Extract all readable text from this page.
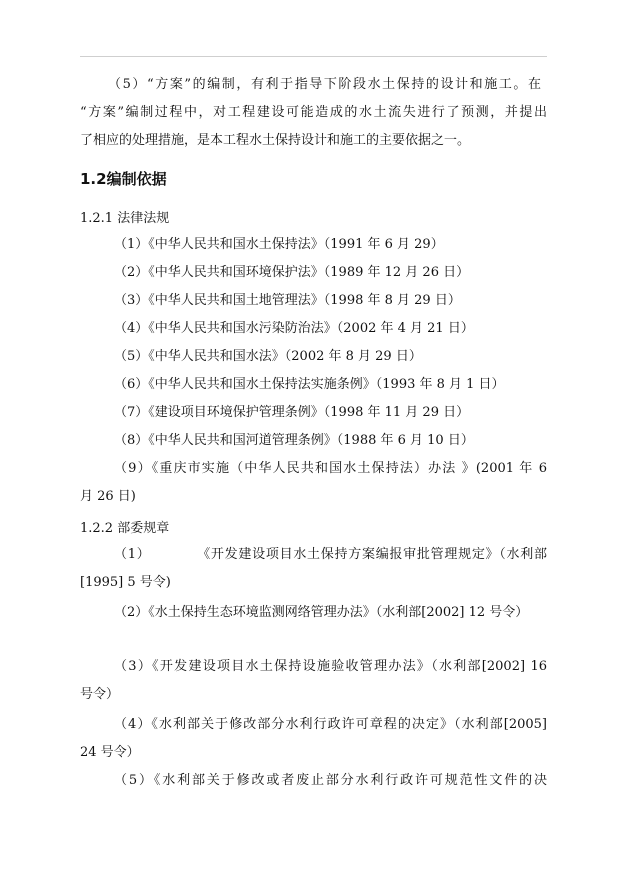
（5）“方案”的编制，有利于指导下阶段水土保持的设计和施工。在
“方案”编制过程中，对工程建设可能造成的水土流失进行了预测，并提出
了相应的处理措施，是本工程水土保持设计和施工的主要依据之一。
1.2编制依据
1.2.1 法律法规
（1）《中华人民共和国水土保持法》（1991 年 6 月 29）
（2）《中华人民共和国环境保护法》（1989 年 12 月 26 日）
（3）《中华人民共和国土地管理法》（1998 年 8 月 29 日）
（4）《中华人民共和国水污染防治法》（2002 年 4 月 21 日）
（5）《中华人民共和国水法》（2002 年 8 月 29 日）
（6）《中华人民共和国水土保持法实施条例》（1993 年 8 月 1 日）
（7）《建设项目环境保护管理条例》（1998 年 11 月 29 日）
（8）《中华人民共和国河道管理条例》（1988 年 6 月 10 日）
（9）《重庆市实施（中华人民共和国水土保持法）办法 》(2001 年 6
月 26 日)
1.2.2 部委规章
（1）	《开发建设项目水土保持方案编报审批管理规定》（水利部
[1995] 5 号令)
（2）《水土保持生态环境监测网络管理办法》（水利部[2002] 12 号令）
（3）《开发建设项目水土保持设施验收管理办法》（水利部[2002] 16
号令）
（4）《水利部关于修改部分水利行政许可章程的决定》（水利部[2005]
24 号令）
（5）《水利部关于修改或者废止部分水利行政许可规范性文件的决
